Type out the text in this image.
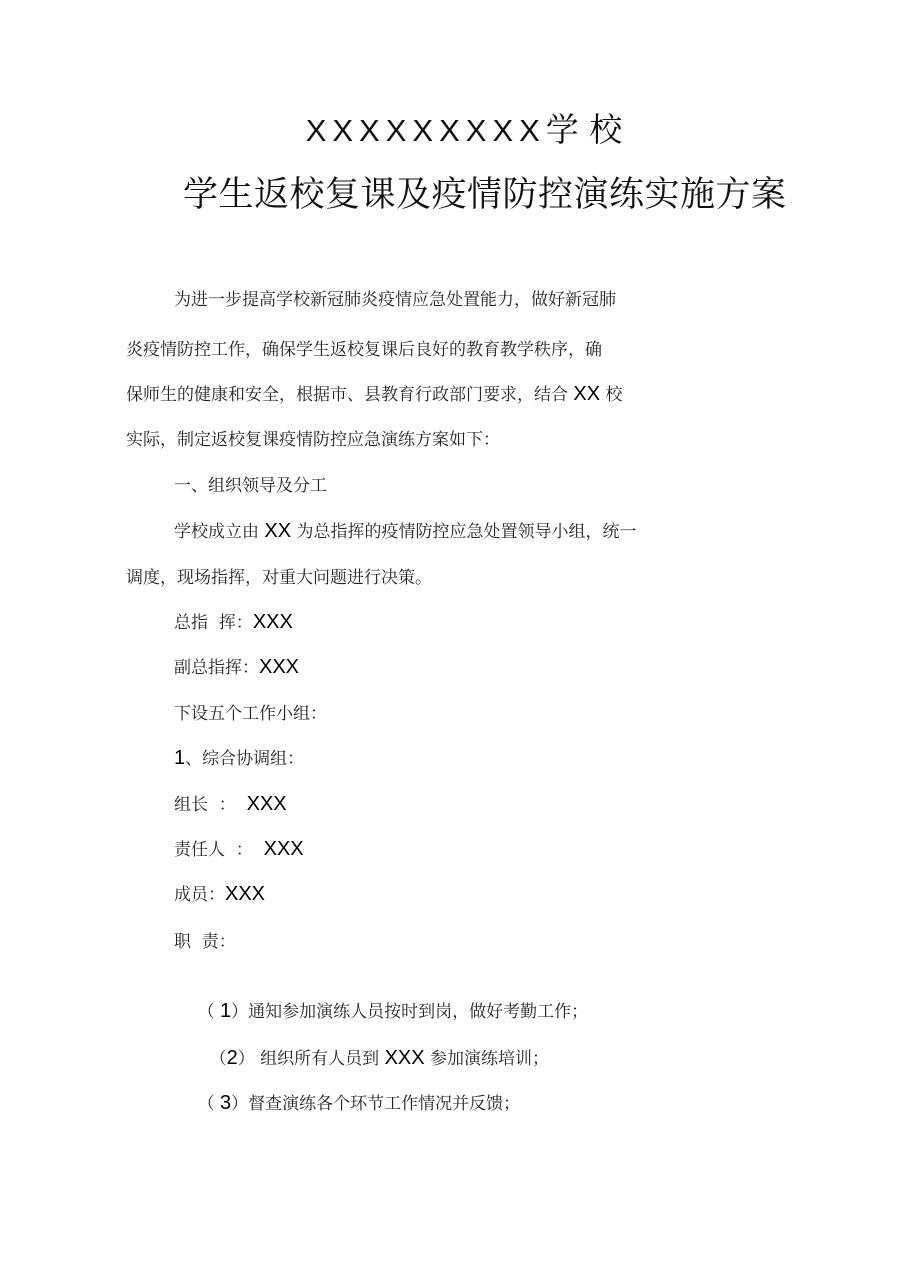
XXXXXXXXX学 校
学生返校复课及疫情防控演练实施方案
为进一步提高学校新冠肺炎疫情应急处置能力，做好新冠肺
炎疫情防控工作，确保学生返校复课后良好的教育教学秩序，确
保师生的健康和安全，根据市、县教育行政部门要求，结合 XX 校
实际，制定返校复课疫情防控应急演练方案如下：
一、组织领导及分工
学校成立由 XX 为总指挥的疫情防控应急处置领导小组，统一
调度，现场指挥，对重大问题进行决策。
总指  挥：XXX
副总指挥：XXX
下设五个工作小组：
1、综合协调组：
组长  ：  XXX
责任人  ：  XXX
成员：XXX
职  责：

（ 1）通知参加演练人员按时到岗，做好考勤工作；

（2） 组织所有人员到 XXX 参加演练培训；

（ 3）督查演练各个环节工作情况并反馈；
